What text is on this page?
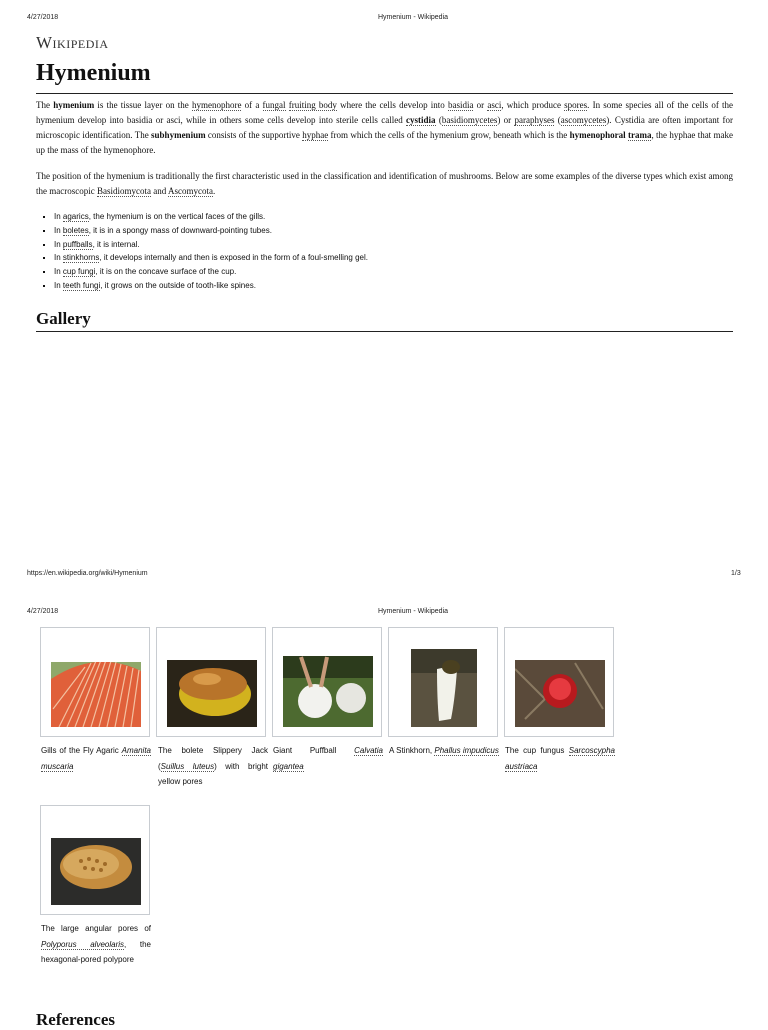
4/27/2018	Hymenium - Wikipedia
Wikipedia
Hymenium
The hymenium is the tissue layer on the hymenophore of a fungal fruiting body where the cells develop into basidia or asci, which produce spores. In some species all of the cells of the hymenium develop into basidia or asci, while in others some cells develop into sterile cells called cystidia (basidiomycetes) or paraphyses (ascomycetes). Cystidia are often important for microscopic identification. The subhymenium consists of the supportive hyphae from which the cells of the hymenium grow, beneath which is the hymenophoral trama, the hyphae that make up the mass of the hymenophore.
The position of the hymenium is traditionally the first characteristic used in the classification and identification of mushrooms. Below are some examples of the diverse types which exist among the macroscopic Basidiomycota and Ascomycota.
▪ In agarics, the hymenium is on the vertical faces of the gills.
▪ In boletes, it is in a spongy mass of downward-pointing tubes.
▪ In puffballs, it is internal.
▪ In stinkhorns, it develops internally and then is exposed in the form of a foul-smelling gel.
▪ In cup fungi, it is on the concave surface of the cup.
▪ In teeth fungi, it grows on the outside of tooth-like spines.
Gallery
https://en.wikipedia.org/wiki/Hymenium	1/3
4/27/2018	Hymenium - Wikipedia
Gills of the Fly Agaric Amanita muscaria
The bolete Slippery Jack (Suillus luteus) with bright yellow pores
Giant Puffball Calvatia gigantea
A Stinkhorn, Phallus impudicus The cup fungus Sarcoscypha austriaca
The large angular pores of Polyporus alveolaris, the hexagonal-pored polypore
References
